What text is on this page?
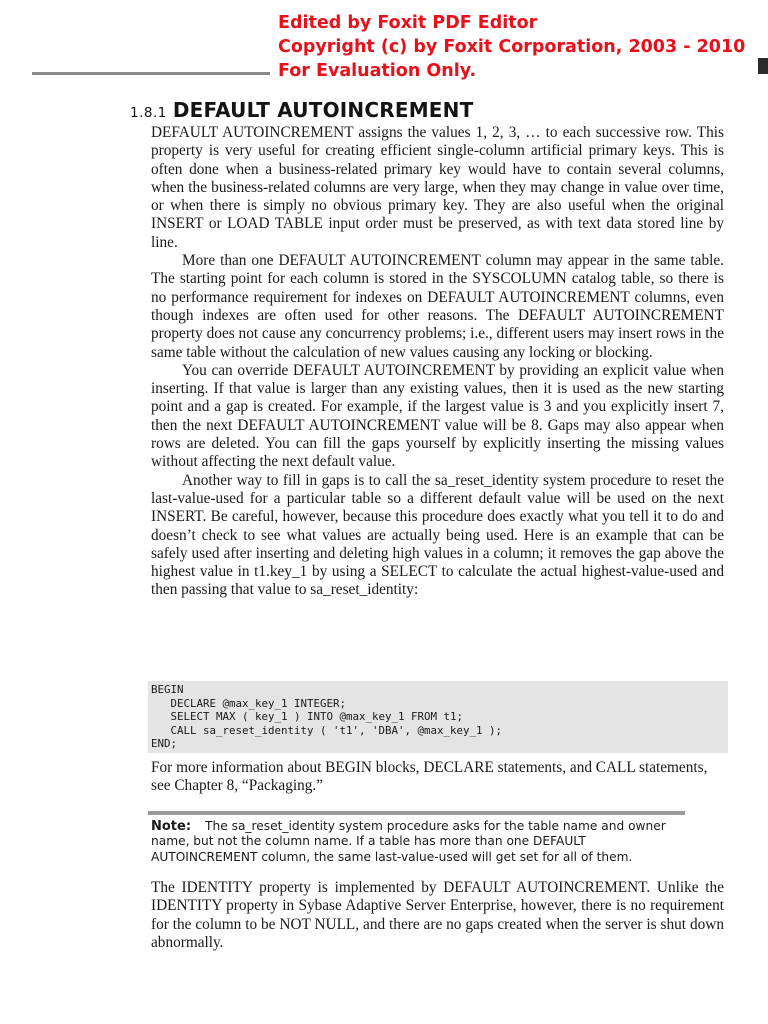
Edited by Foxit PDF Editor
Copyright (c) by Foxit Corporation, 2003 - 2010
For Evaluation Only.
1.8.1 DEFAULT AUTOINCREMENT

DEFAULT AUTOINCREMENT assigns the values 1, 2, 3, … to each successive row. This property is very useful for creating efficient single-column artificial primary keys. This is often done when a business-related primary key would have to contain several columns, when the business-related columns are very large, when they may change in value over time, or when there is simply no obvious primary key. They are also useful when the original INSERT or LOAD TABLE input order must be preserved, as with text data stored line by line.

More than one DEFAULT AUTOINCREMENT column may appear in the same table. The starting point for each column is stored in the SYSCOLUMN catalog table, so there is no performance requirement for indexes on DEFAULT AUTOINCREMENT columns, even though indexes are often used for other reasons. The DEFAULT AUTOINCREMENT property does not cause any concurrency problems; i.e., different users may insert rows in the same table without the calculation of new values causing any locking or blocking.

You can override DEFAULT AUTOINCREMENT by providing an explicit value when inserting. If that value is larger than any existing values, then it is used as the new starting point and a gap is created. For example, if the largest value is 3 and you explicitly insert 7, then the next DEFAULT AUTOINCREMENT value will be 8. Gaps may also appear when rows are deleted. You can fill the gaps yourself by explicitly inserting the missing values without affecting the next default value.

Another way to fill in gaps is to call the sa_reset_identity system procedure to reset the last-value-used for a particular table so a different default value will be used on the next INSERT. Be careful, however, because this procedure does exactly what you tell it to do and doesn’t check to see what values are actually being used. Here is an example that can be safely used after inserting and deleting high values in a column; it removes the gap above the highest value in t1.key_1 by using a SELECT to calculate the actual highest-value-used and then passing that value to sa_reset_identity:

BEGIN
DECLARE @max_key_1 INTEGER;
SELECT MAX ( key_1 ) INTO @max_key_1 FROM t1;
CALL sa_reset_identity ( 't1', 'DBA', @max_key_1 );
END;
For more information about BEGIN blocks, DECLARE statements, and CALL statements, see Chapter 8, “Packaging.”
Note: The sa_reset_identity system procedure asks for the table name and owner name, but not the column name. If a table has more than one DEFAULT AUTOINCREMENT column, the same last-value-used will get set for all of them.

The IDENTITY property is implemented by DEFAULT AUTOINCREMENT. Unlike the IDENTITY property in Sybase Adaptive Server Enterprise, however, there is no requirement for the column to be NOT NULL, and there are no gaps created when the server is shut down abnormally.
